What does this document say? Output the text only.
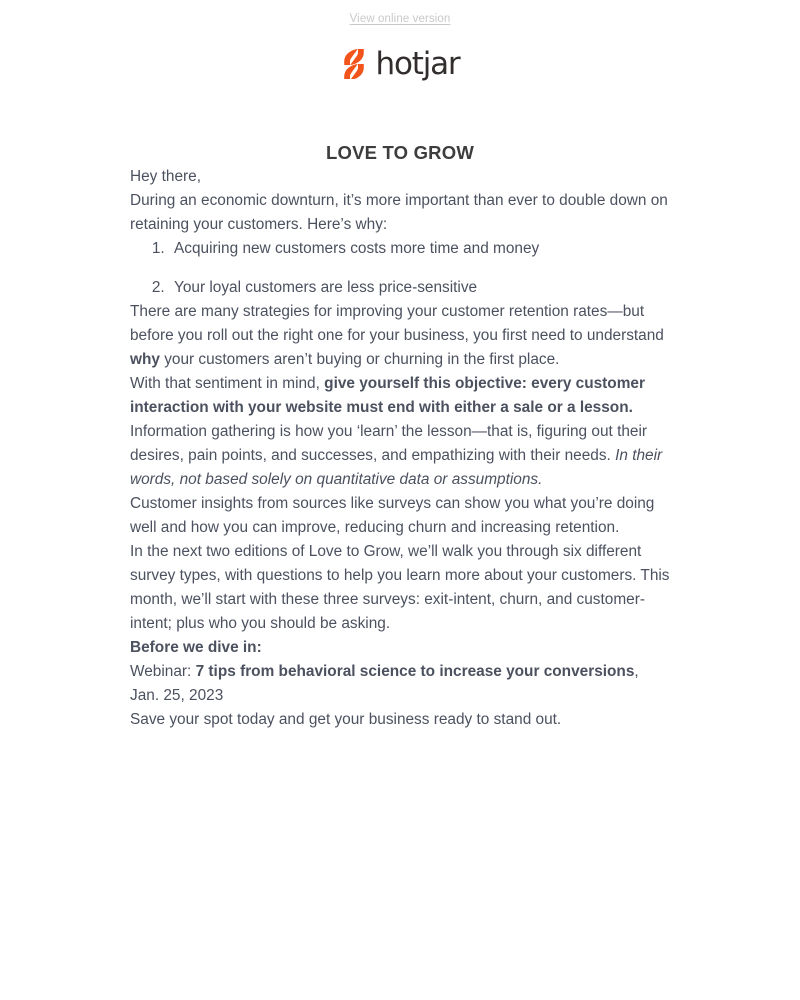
View online version
hotjar
LOVE TO GROW

Hey there,

During an economic downturn, it’s more important than ever to double down on retaining your customers. Here’s why:

1. Acquiring new customers costs more time and money
2. Your loyal customers are less price-sensitive

There are many strategies for improving your customer retention rates—but before you roll out the right one for your business, you first need to understand why your customers aren’t buying or churning in the first place.

With that sentiment in mind, give yourself this objective: every customer interaction with your website must end with either a sale or a lesson.

Information gathering is how you ‘learn’ the lesson—that is, figuring out their desires, pain points, and successes, and empathizing with their needs. In their words, not based solely on quantitative data or assumptions.

Customer insights from sources like surveys can show you what you’re doing well and how you can improve, reducing churn and increasing retention.

In the next two editions of Love to Grow, we’ll walk you through six different survey types, with questions to help you learn more about your customers. This month, we’ll start with these three surveys: exit-intent, churn, and customer-intent; plus who you should be asking.

Before we dive in:

Webinar: 7 tips from behavioral science to increase your conversions, Jan. 25, 2023

Save your spot today and get your business ready to stand out.
